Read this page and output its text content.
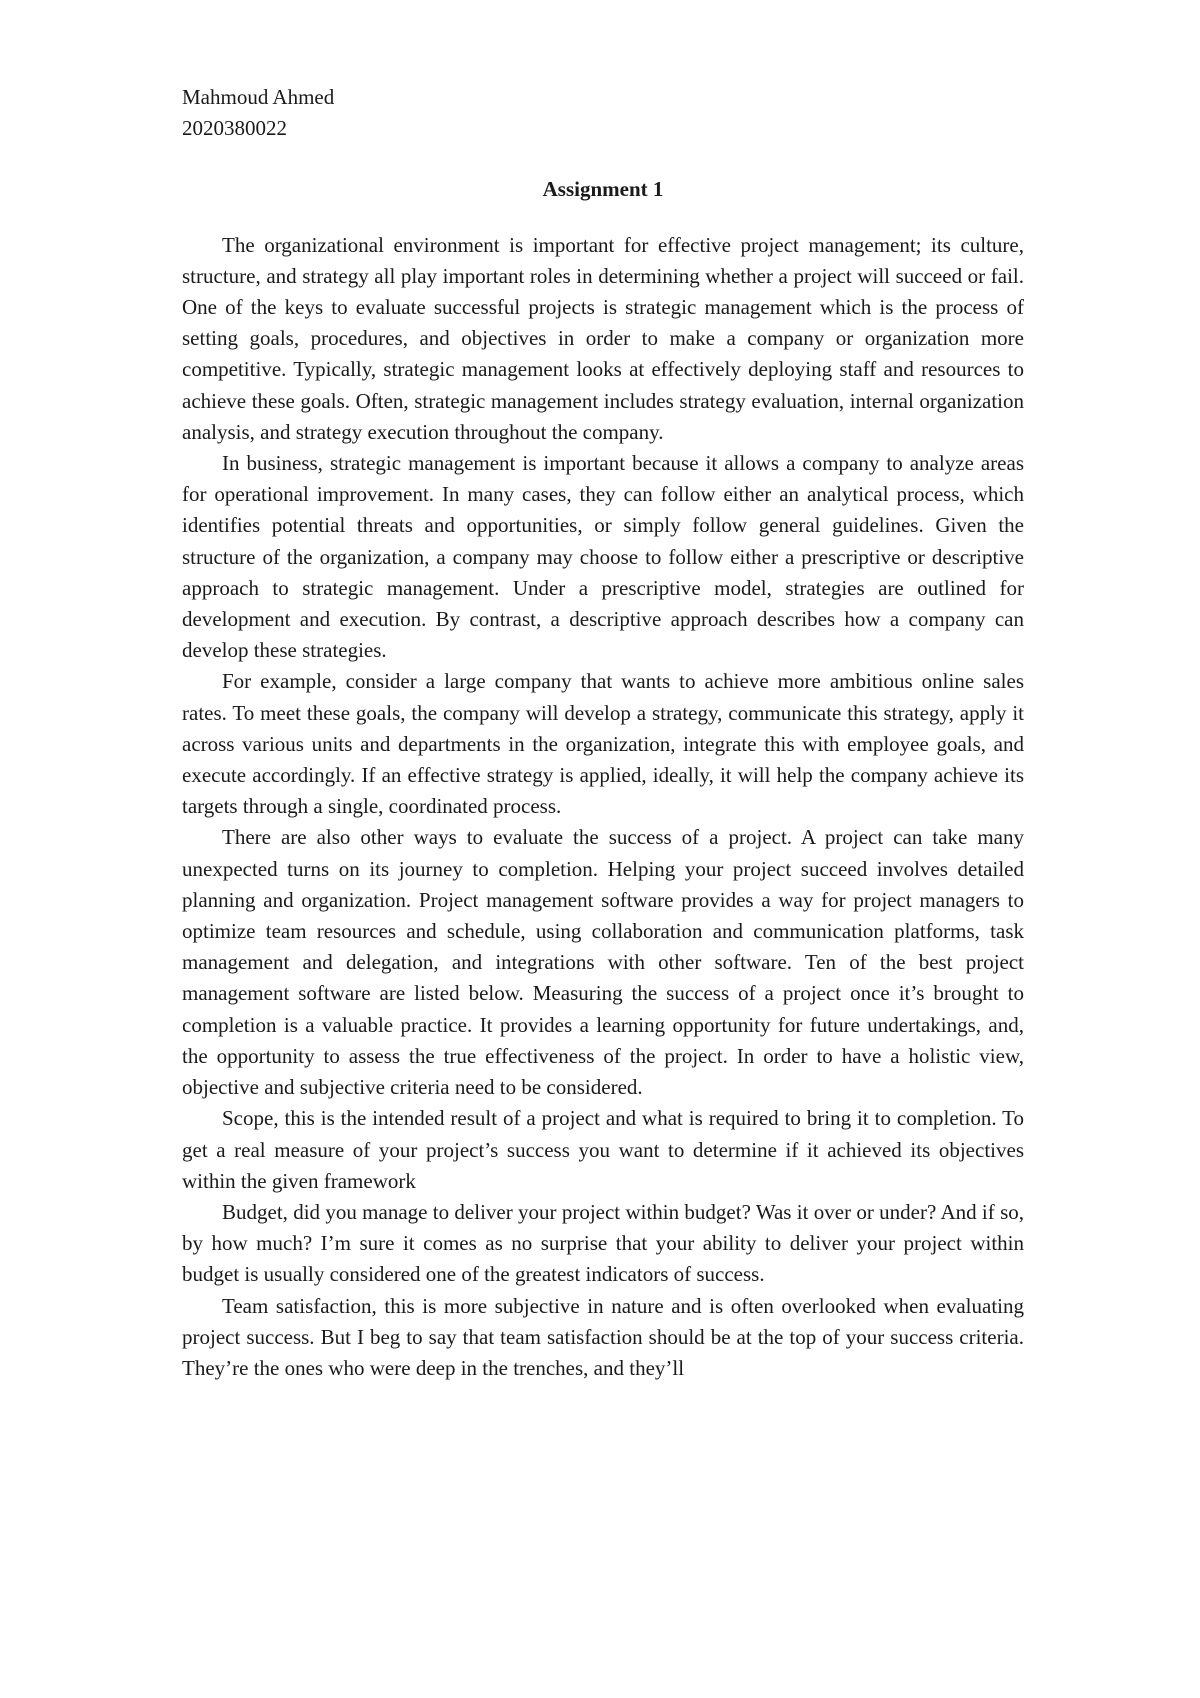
Mahmoud Ahmed

2020380022

Assignment 1

The organizational environment is important for effective project management; its culture, structure, and strategy all play important roles in determining whether a project will succeed or fail. One of the keys to evaluate successful projects is strategic management which is the process of setting goals, procedures, and objectives in order to make a company or organization more competitive. Typically, strategic management looks at effectively deploying staff and resources to achieve these goals. Often, strategic management includes strategy evaluation, internal organization analysis, and strategy execution throughout the company.

In business, strategic management is important because it allows a company to analyze areas for operational improvement. In many cases, they can follow either an analytical process, which identifies potential threats and opportunities, or simply follow general guidelines. Given the structure of the organization, a company may choose to follow either a prescriptive or descriptive approach to strategic management. Under a prescriptive model, strategies are outlined for development and execution. By contrast, a descriptive approach describes how a company can develop these strategies.

For example, consider a large company that wants to achieve more ambitious online sales rates. To meet these goals, the company will develop a strategy, communicate this strategy, apply it across various units and departments in the organization, integrate this with employee goals, and execute accordingly. If an effective strategy is applied, ideally, it will help the company achieve its targets through a single, coordinated process.

There are also other ways to evaluate the success of a project. A project can take many unexpected turns on its journey to completion. Helping your project succeed involves detailed planning and organization. Project management software provides a way for project managers to optimize team resources and schedule, using collaboration and communication platforms, task management and delegation, and integrations with other software. Ten of the best project management software are listed below. Measuring the success of a project once it’s brought to completion is a valuable practice. It provides a learning opportunity for future undertakings, and, the opportunity to assess the true effectiveness of the project. In order to have a holistic view, objective and subjective criteria need to be considered.

Scope, this is the intended result of a project and what is required to bring it to completion. To get a real measure of your project’s success you want to determine if it achieved its objectives within the given framework

Budget, did you manage to deliver your project within budget? Was it over or under? And if so, by how much? I’m sure it comes as no surprise that your ability to deliver your project within budget is usually considered one of the greatest indicators of success.

Team satisfaction, this is more subjective in nature and is often overlooked when evaluating project success. But I beg to say that team satisfaction should be at the top of your success criteria. They’re the ones who were deep in the trenches, and they’ll
